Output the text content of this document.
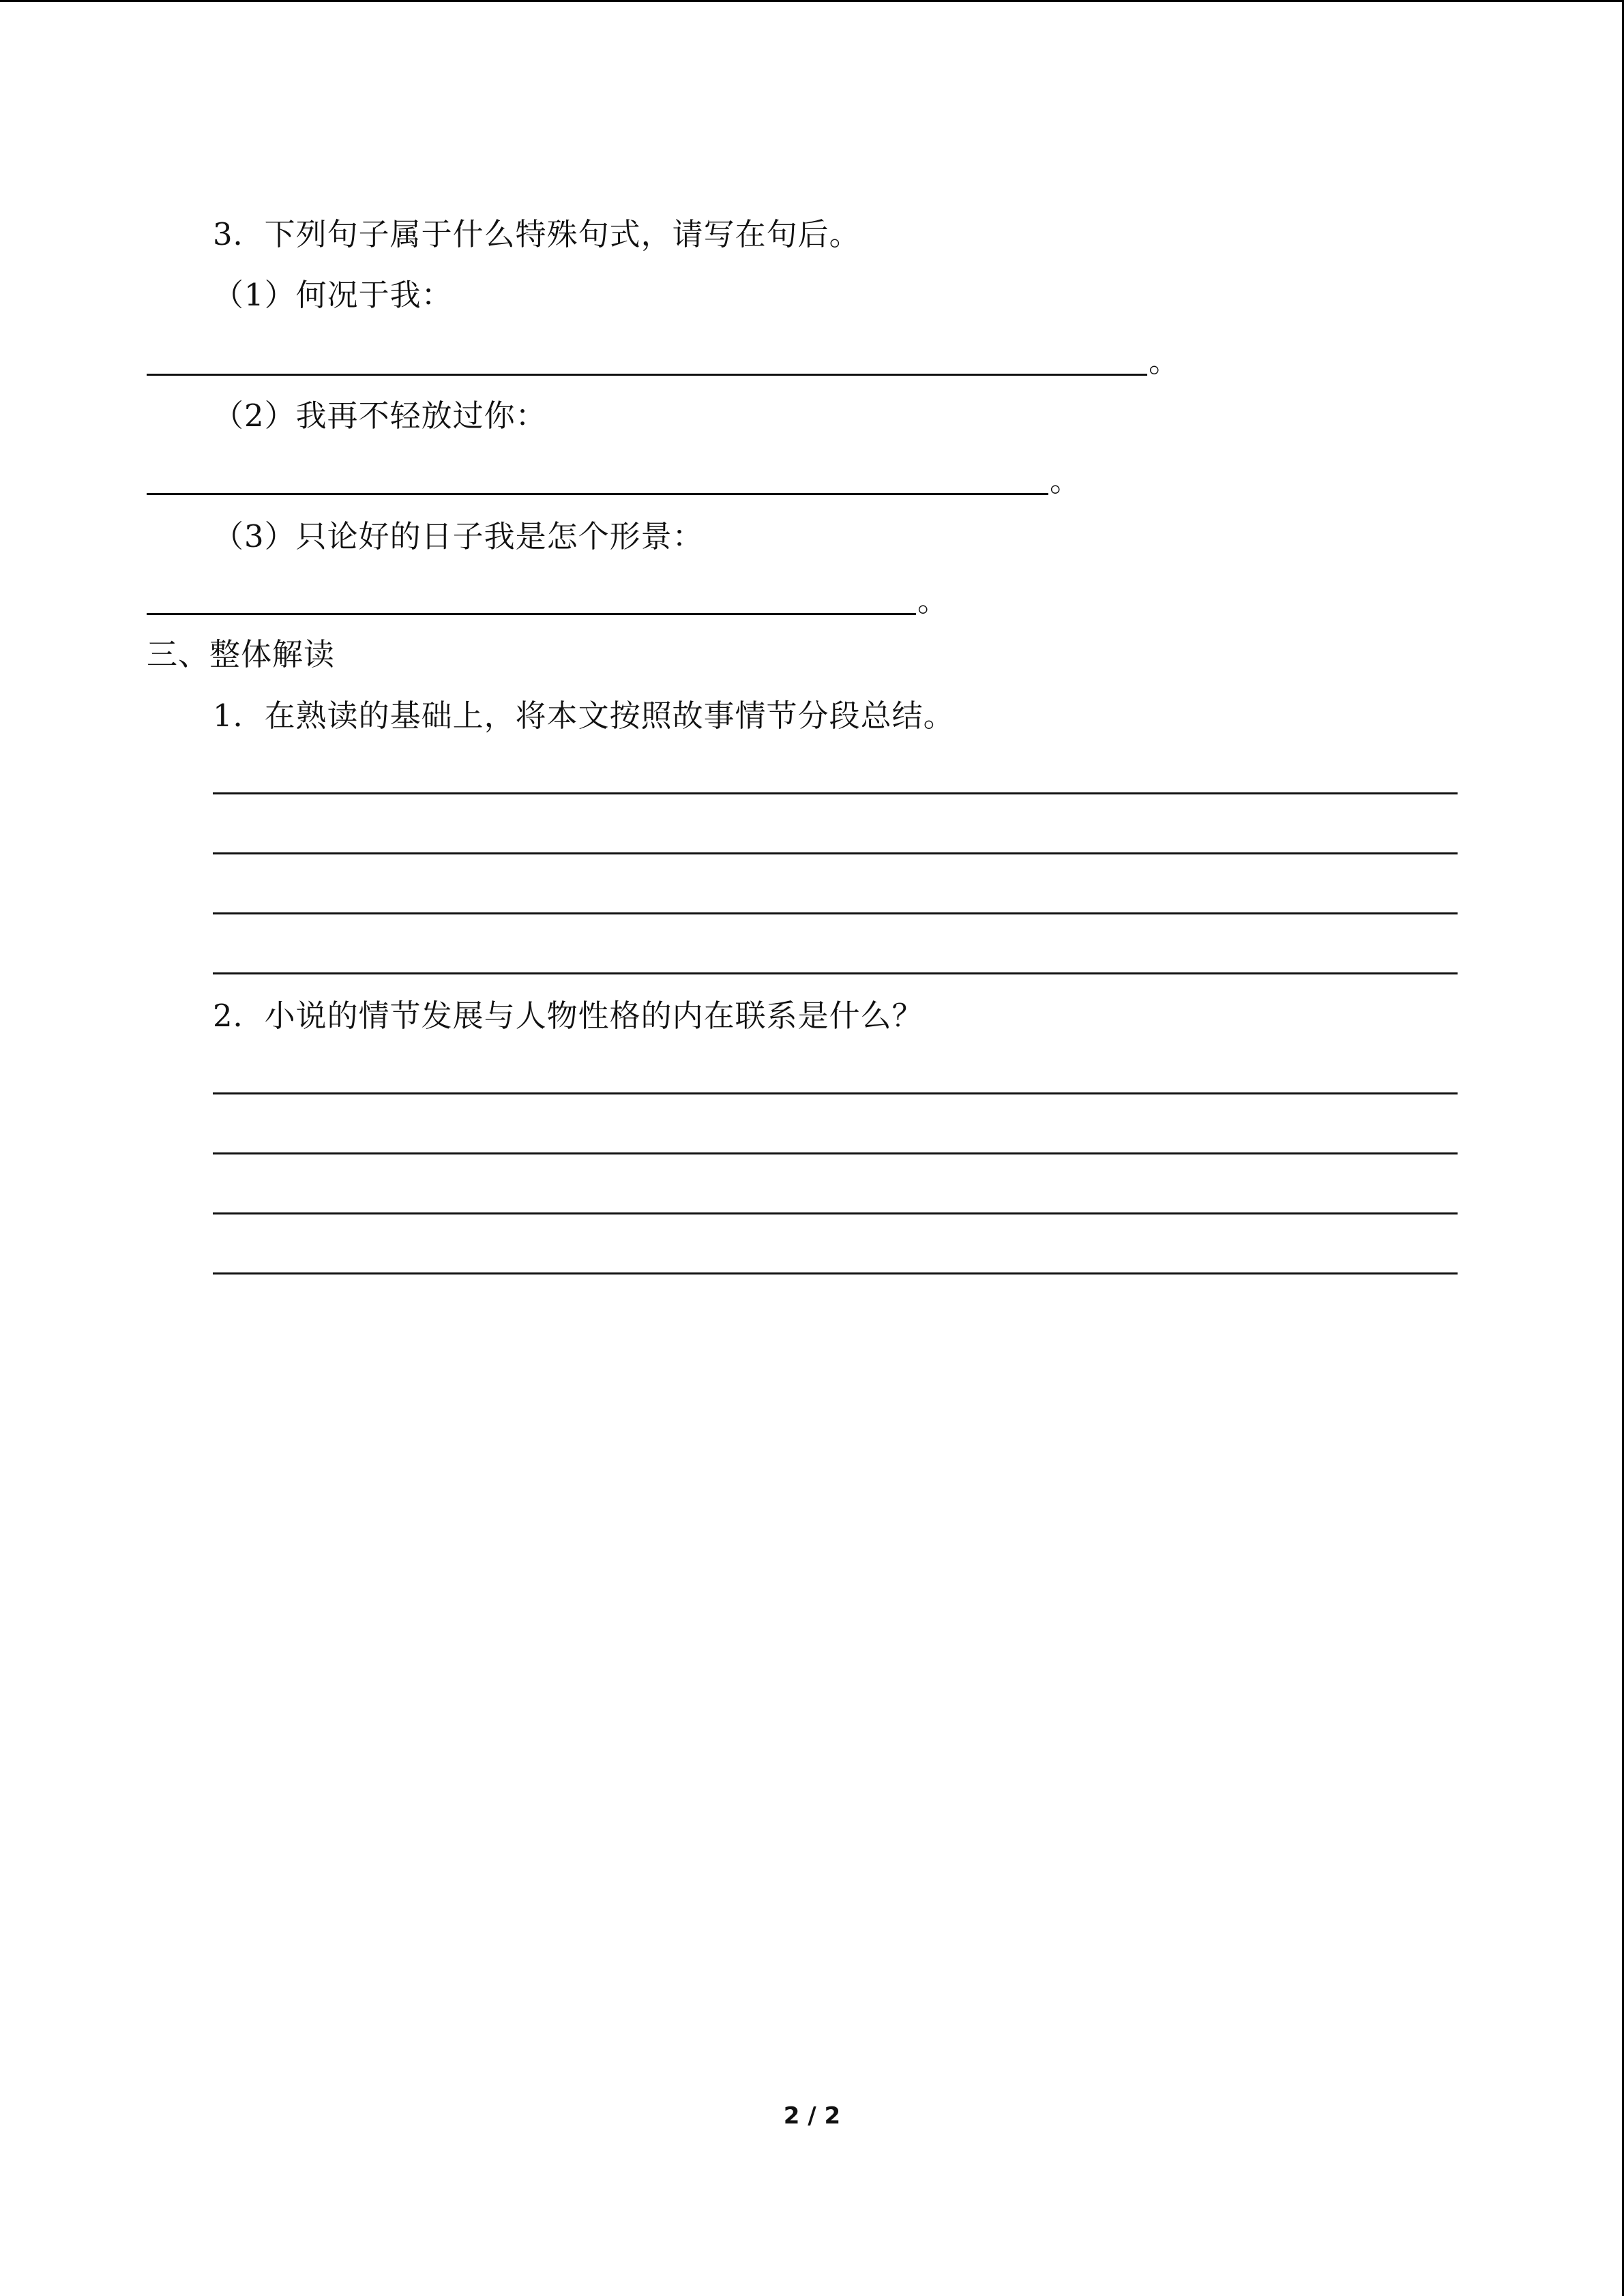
3．下列句子属于什么特殊句式，请写在句后。
（1）何况于我：
。
（2）我再不轻放过你：
。
（3）只论好的日子我是怎个形景：
。
三、整体解读
1．在熟读的基础上，将本文按照故事情节分段总结。
2．小说的情节发展与人物性格的内在联系是什么？
2 / 2
